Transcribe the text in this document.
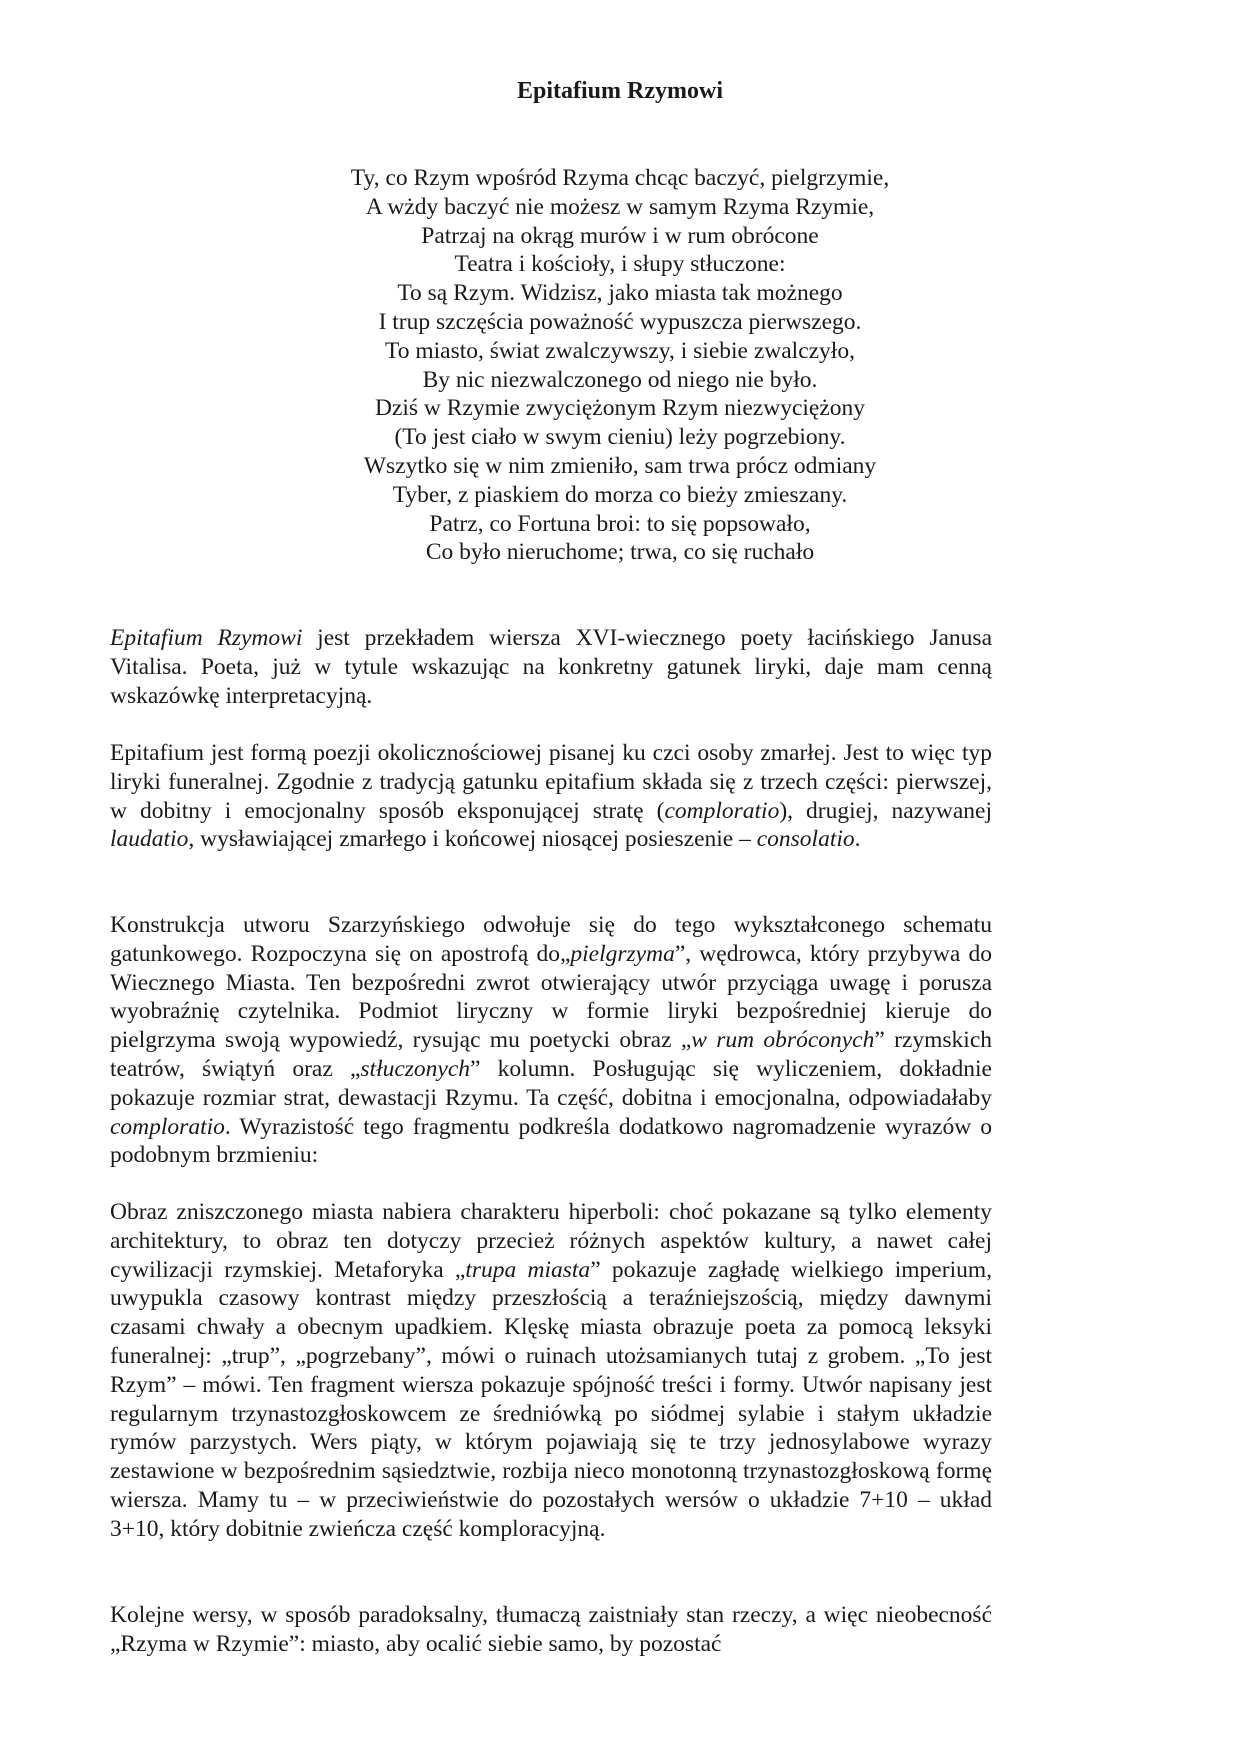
Epitafium Rzymowi
Ty, co Rzym wpośród Rzyma chcąc baczyć, pielgrzymie,
A wżdy baczyć nie możesz w samym Rzyma Rzymie,
Patrzaj na okrąg murów i w rum obrócone
Teatra i kościoły, i słupy stłuczone:
To są Rzym. Widzisz, jako miasta tak możnego
I trup szczęścia poważność wypuszcza pierwszego.
To miasto, świat zwalczywszy, i siebie zwalczyło,
By nic niezwalczonego od niego nie było.
Dziś w Rzymie zwyciężonym Rzym niezwyciężony
(To jest ciało w swym cieniu) leży pogrzebiony.
Wszytko się w nim zmieniło, sam trwa prócz odmiany
Tyber, z piaskiem do morza co bieży zmieszany.
Patrz, co Fortuna broi: to się popsowało,
Co było nieruchome; trwa, co się ruchało

Epitafium Rzymowi jest przekładem wiersza XVI-wiecznego poety łacińskiego Janusa Vitalisa. Poeta, już w tytule wskazując na konkretny gatunek liryki, daje mam cenną wskazówkę interpretacyjną.

Epitafium jest formą poezji okolicznościowej pisanej ku czci osoby zmarłej. Jest to więc typ liryki funeralnej. Zgodnie z tradycją gatunku epitafium składa się z trzech części: pierwszej, w dobitny i emocjonalny sposób eksponującej stratę (comploratio), drugiej, nazywanej laudatio, wysławiającej zmarłego i końcowej niosącej posieszenie – consolatio.

Konstrukcja utworu Szarzyńskiego odwołuje się do tego wykształconego schematu gatunkowego. Rozpoczyna się on apostrofą do„pielgrzyma”, wędrowca, który przybywa do Wiecznego Miasta. Ten bezpośredni zwrot otwierający utwór przyciąga uwagę i porusza wyobraźnię czytelnika. Podmiot liryczny w formie liryki bezpośredniej kieruje do pielgrzyma swoją wypowiedź, rysując mu poetycki obraz „w rum obróconych” rzymskich teatrów, świątyń oraz „stłuczonych” kolumn. Posługując się wyliczeniem, dokładnie pokazuje rozmiar strat, dewastacji Rzymu. Ta część, dobitna i emocjonalna, odpowiadałaby comploratio. Wyrazistość tego fragmentu podkreśla dodatkowo nagromadzenie wyrazów o podobnym brzmieniu:

Obraz zniszczonego miasta nabiera charakteru hiperboli: choć pokazane są tylko elementy architektury, to obraz ten dotyczy przecież różnych aspektów kultury, a nawet całej cywilizacji rzymskiej. Metaforyka „trupa miasta” pokazuje zagładę wielkiego imperium, uwypukla czasowy kontrast między przeszłością a teraźniejszością, między dawnymi czasami chwały a obecnym upadkiem. Klęskę miasta obrazuje poeta za pomocą leksyki funeralnej: „trup”, „pogrzebany”, mówi o ruinach utożsamianych tutaj z grobem. „To jest Rzym” – mówi. Ten fragment wiersza pokazuje spójność treści i formy. Utwór napisany jest regularnym trzynastozgłoskowcem ze średniówką po siódmej sylabie i stałym układzie rymów parzystych. Wers piąty, w którym pojawiają się te trzy jednosylabowe wyrazy zestawione w bezpośrednim sąsiedztwie, rozbija nieco monotonną trzynastozgłoskową formę wiersza. Mamy tu – w przeciwieństwie do pozostałych wersów o układzie 7+10 – układ 3+10, który dobitnie zwieńcza część komploracyjną.

Kolejne wersy, w sposób paradoksalny, tłumaczą zaistniały stan rzeczy, a więc nieobecność „Rzyma w Rzymie”: miasto, aby ocalić siebie samo, by pozostać
